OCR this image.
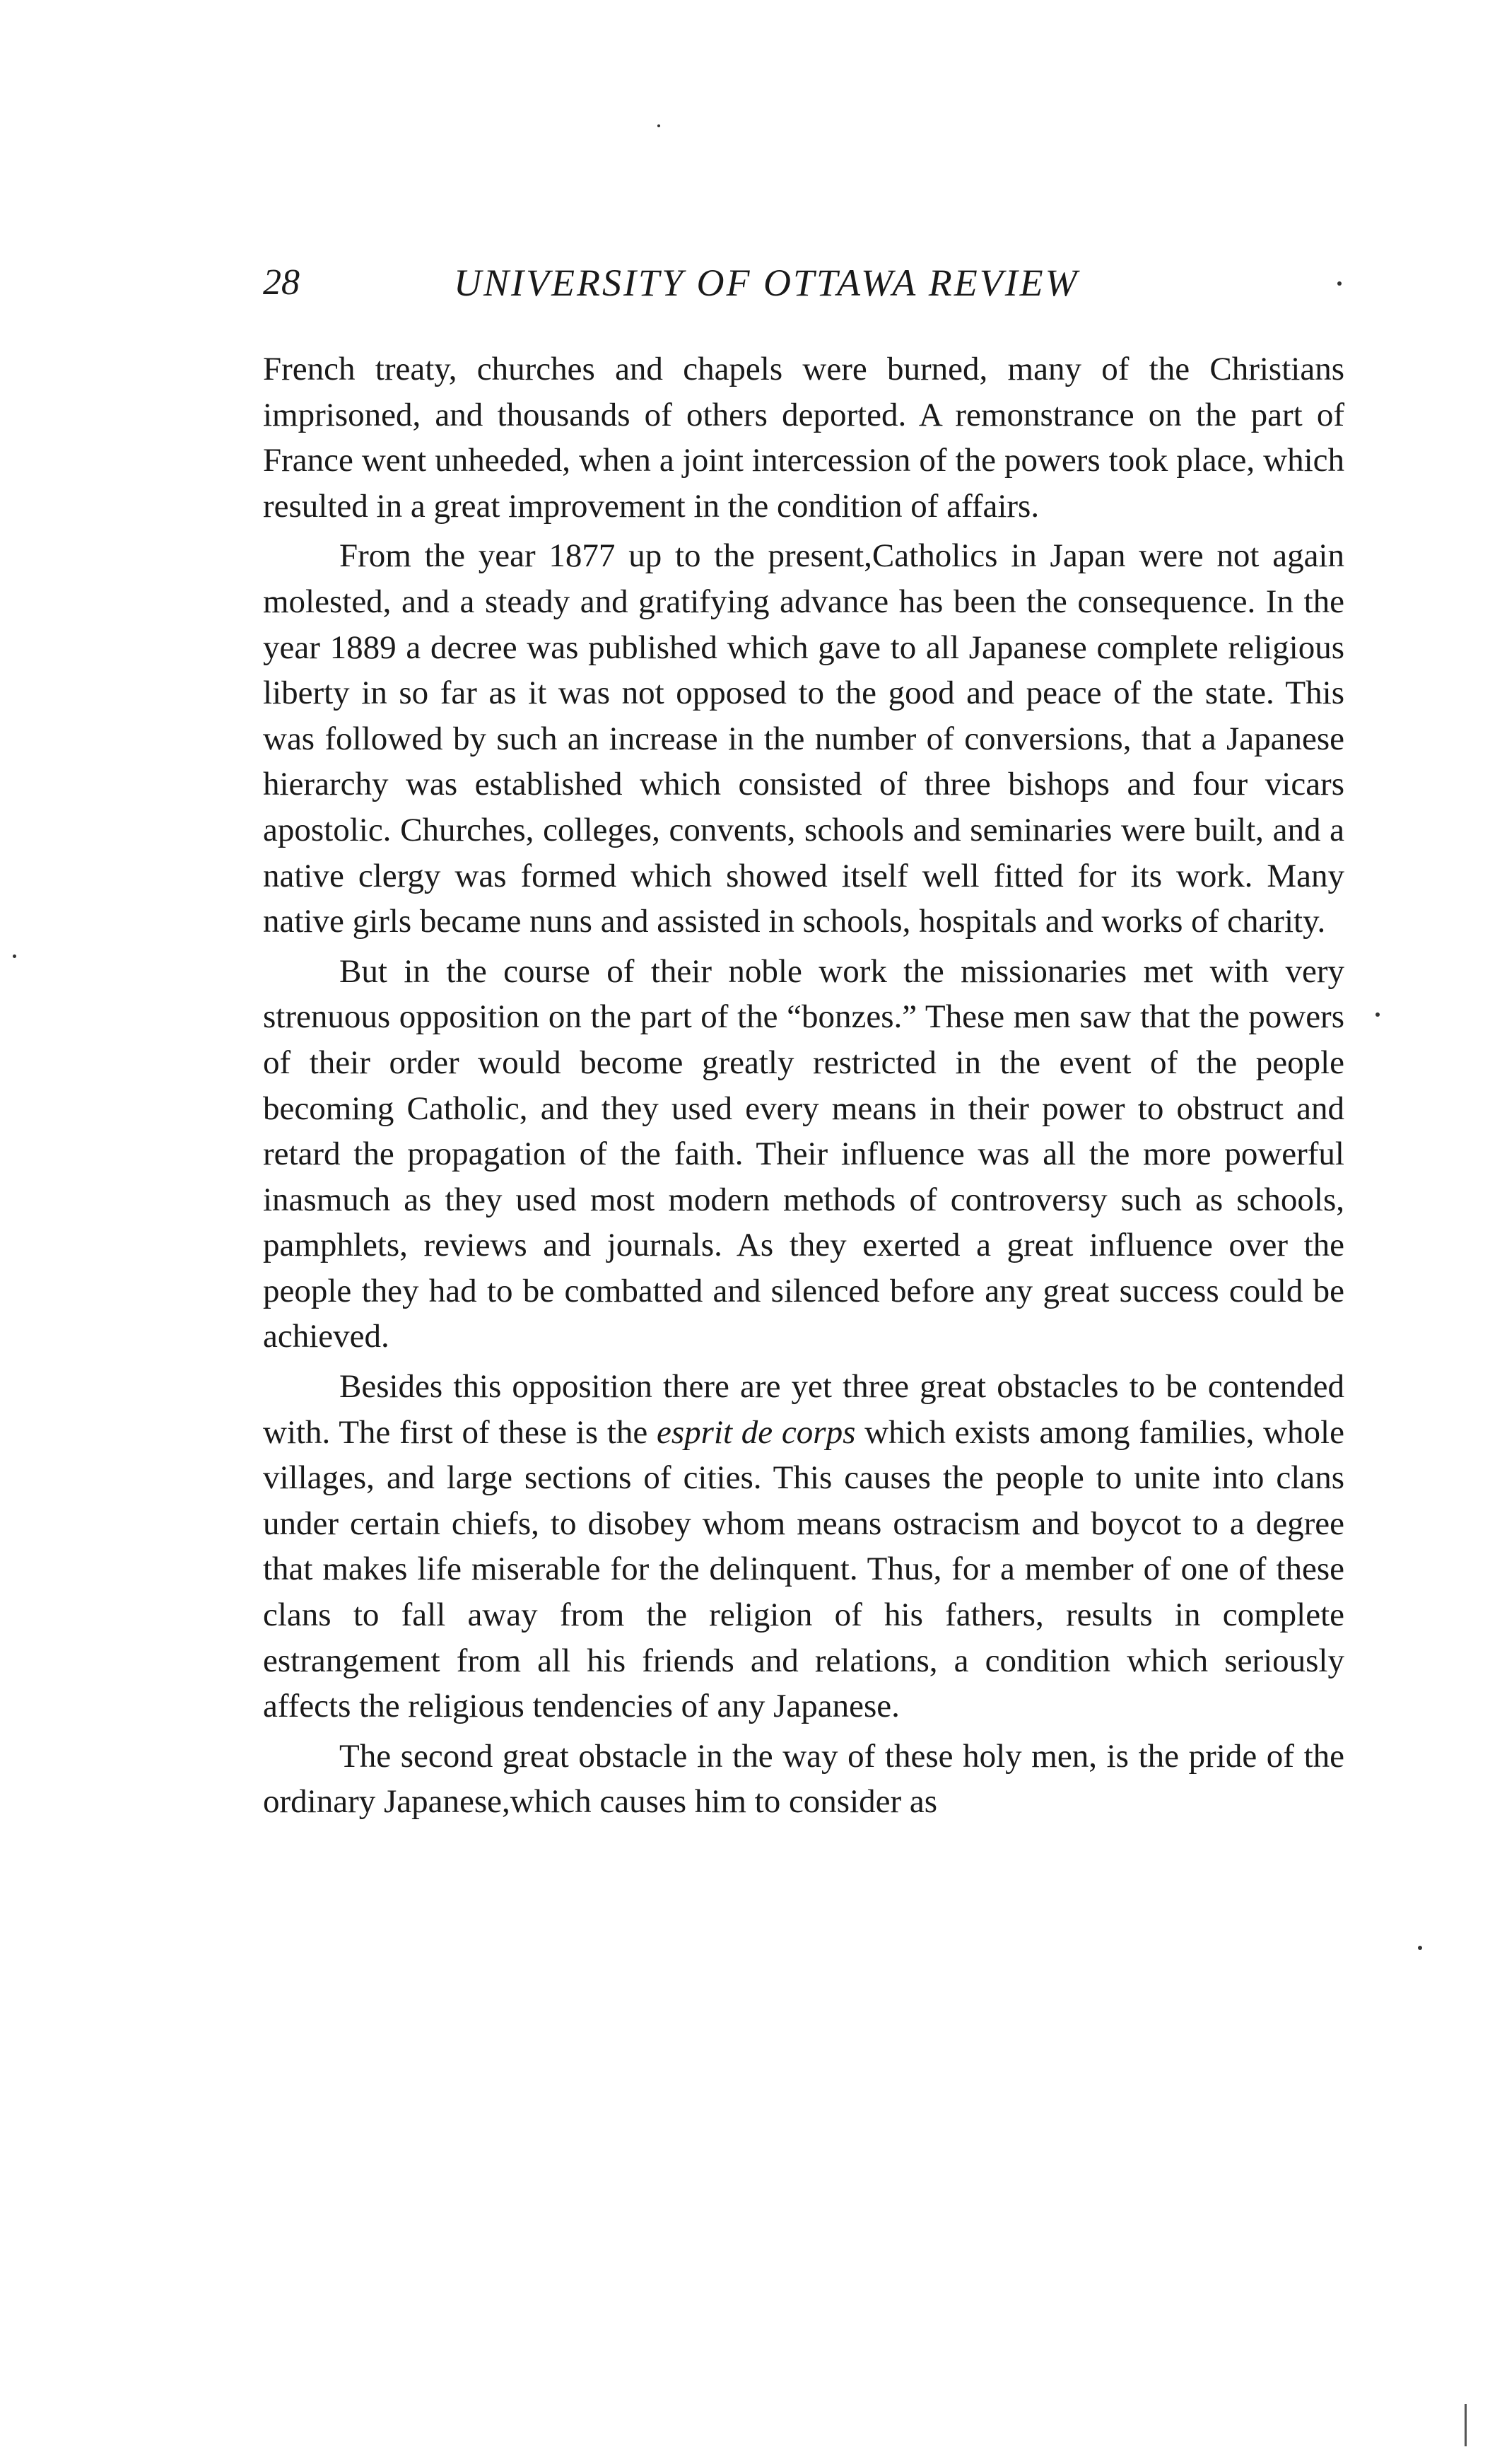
28	UNIVERSITY OF OTTAWA REVIEW

French treaty, churches and chapels were burned, many of the Christians imprisoned, and thousands of others deported. A remonstrance on the part of France went unheeded, when a joint intercession of the powers took place, which resulted in a great improvement in the condition of affairs.

From the year 1877 up to the present,Catholics in Japan were not again molested, and a steady and gratifying advance has been the consequence. In the year 1889 a decree was published which gave to all Japanese complete religious liberty in so far as it was not opposed to the good and peace of the state. This was followed by such an increase in the number of conversions, that a Japanese hierarchy was established which consisted of three bishops and four vicars apostolic. Churches, colleges, convents, schools and seminaries were built, and a native clergy was formed which showed itself well fitted for its work. Many native girls became nuns and assisted in schools, hospitals and works of charity.

But in the course of their noble work the missionaries met with very strenuous opposition on the part of the “bonzes.” These men saw that the powers of their order would become greatly restricted in the event of the people becoming Catholic, and they used every means in their power to obstruct and retard the propagation of the faith. Their influence was all the more powerful inasmuch as they used most modern methods of controversy such as schools, pamphlets, reviews and journals. As they exerted a great influence over the people they had to be combatted and silenced before any great success could be achieved.

Besides this opposition there are yet three great obstacles to be contended with. The first of these is the esprit de corps which exists among families, whole villages, and large sections of cities. This causes the people to unite into clans under certain chiefs, to disobey whom means ostracism and boycot to a degree that makes life miserable for the delinquent. Thus, for a member of one of these clans to fall away from the religion of his fathers, results in complete estrangement from all his friends and relations, a condition which seriously affects the religious tendencies of any Japanese.

The second great obstacle in the way of these holy men, is the pride of the ordinary Japanese,which causes him to consider as
